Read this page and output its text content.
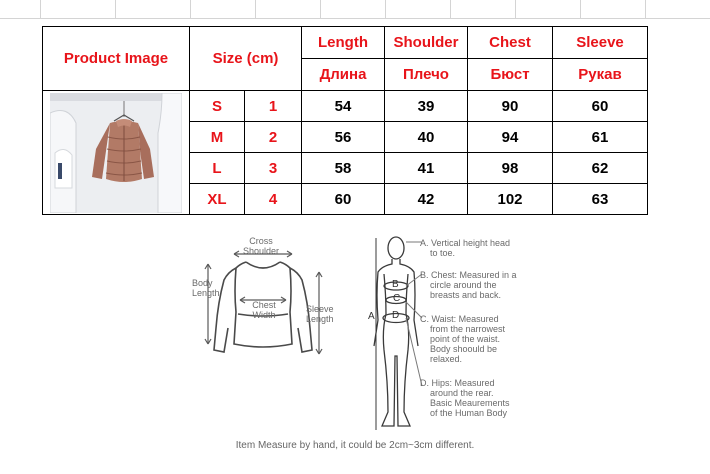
Product Image	Size (cm)		Length	Shoulder	Chest	Sleeve
			Длина	Плечо	Бюст	Рукав

	S	1	54	39	90	60
	M	2	56	40	94	61
	L	3	58	41	98	62
	XL	4	60	42	102	63
Cross
Shoulder
Body
Length
Chest
Width
Sleeve
Length	A
B
C
D
A. Vertical height head
to toe.
B. Chest: Measured in a
circle around the
breasts and back.
C. Waist: Measured
from the narrowest
point of the waist.
Body shoould be
relaxed.
D. Hips: Measured
around the rear.
Basic Meaurements
of the Human Body
Item Measure by hand, it could be 2cm~3cm different.
